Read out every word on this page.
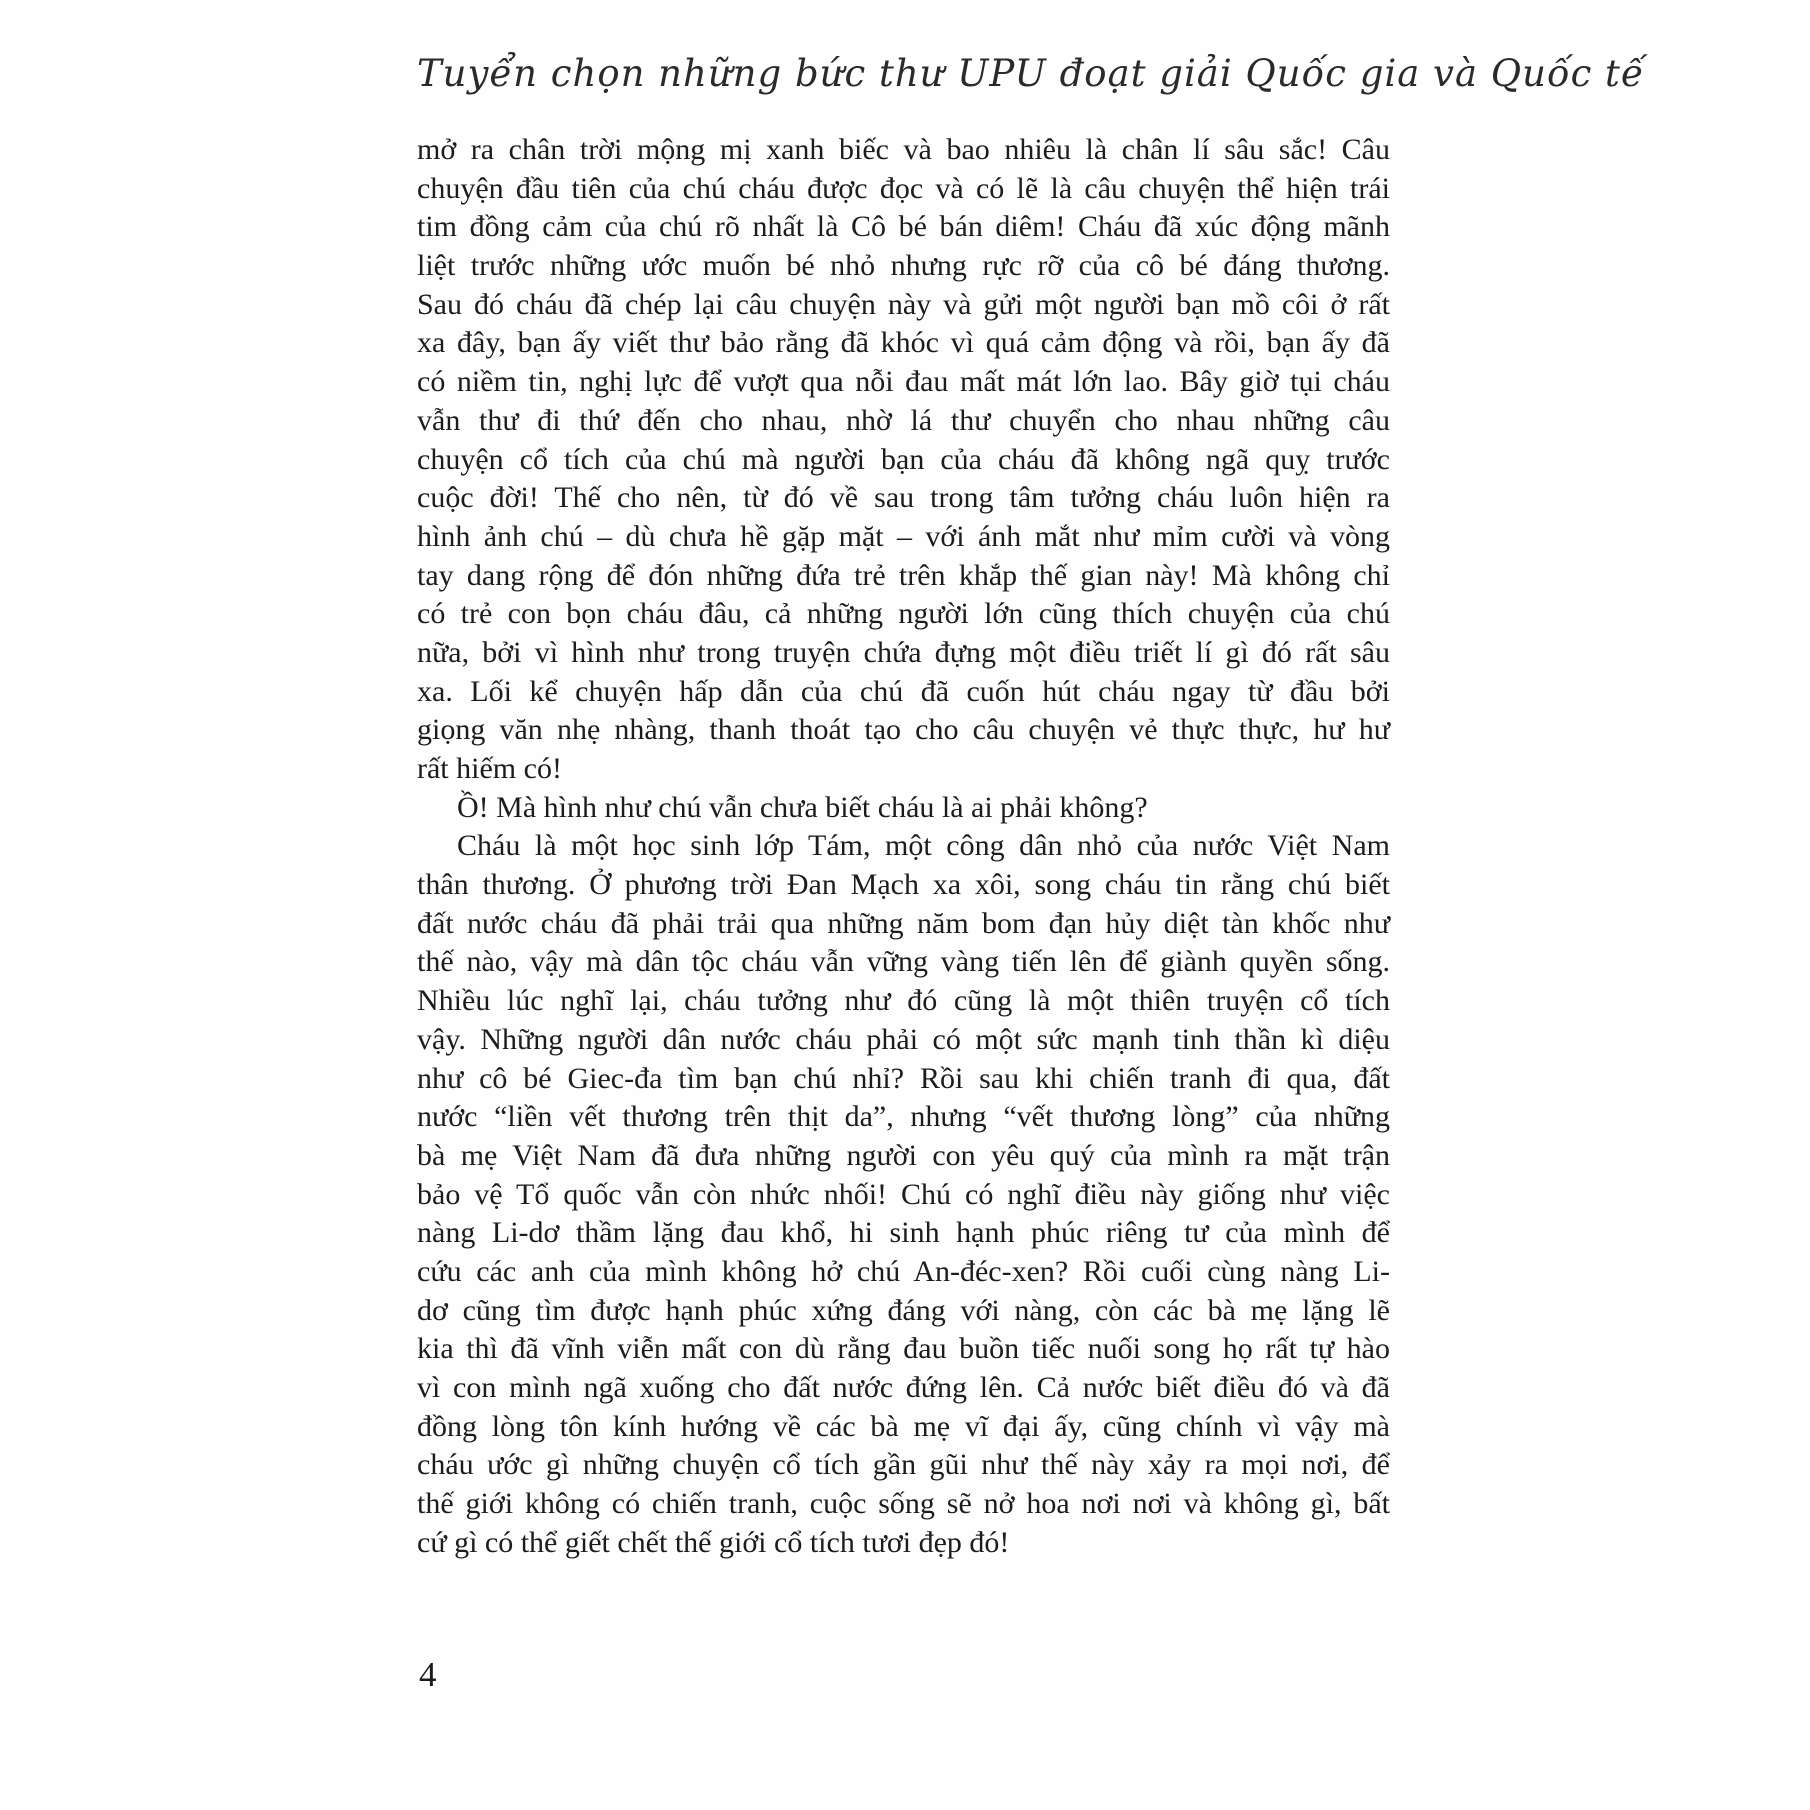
Tuyển chọn những bức thư UPU đoạt giải Quốc gia và Quốc tế
mở ra chân trời mộng mị xanh biếc và bao nhiêu là chân lí sâu sắc! Câu
chuyện đầu tiên của chú cháu được đọc và có lẽ là câu chuyện thể hiện trái
tim đồng cảm của chú rõ nhất là Cô bé bán diêm! Cháu đã xúc động mãnh
liệt trước những ước muốn bé nhỏ nhưng rực rỡ của cô bé đáng thương.
Sau đó cháu đã chép lại câu chuyện này và gửi một người bạn mồ côi ở rất
xa đây, bạn ấy viết thư bảo rằng đã khóc vì quá cảm động và rồi, bạn ấy đã
có niềm tin, nghị lực để vượt qua nỗi đau mất mát lớn lao. Bây giờ tụi cháu
vẫn thư đi thứ đến cho nhau, nhờ lá thư chuyển cho nhau những câu
chuyện cổ tích của chú mà người bạn của cháu đã không ngã quỵ trước
cuộc đời! Thế cho nên, từ đó về sau trong tâm tưởng cháu luôn hiện ra
hình ảnh chú – dù chưa hề gặp mặt – với ánh mắt như mỉm cười và vòng
tay dang rộng để đón những đứa trẻ trên khắp thế gian này! Mà không chỉ
có trẻ con bọn cháu đâu, cả những người lớn cũng thích chuyện của chú
nữa, bởi vì hình như trong truyện chứa đựng một điều triết lí gì đó rất sâu
xa. Lối kể chuyện hấp dẫn của chú đã cuốn hút cháu ngay từ đầu bởi
giọng văn nhẹ nhàng, thanh thoát tạo cho câu chuyện vẻ thực thực, hư hư
rất hiếm có!
Ồ! Mà hình như chú vẫn chưa biết cháu là ai phải không?
Cháu là một học sinh lớp Tám, một công dân nhỏ của nước Việt Nam
thân thương. Ở phương trời Đan Mạch xa xôi, song cháu tin rằng chú biết
đất nước cháu đã phải trải qua những năm bom đạn hủy diệt tàn khốc như
thế nào, vậy mà dân tộc cháu vẫn vững vàng tiến lên để giành quyền sống.
Nhiều lúc nghĩ lại, cháu tưởng như đó cũng là một thiên truyện cổ tích
vậy. Những người dân nước cháu phải có một sức mạnh tinh thần kì diệu
như cô bé Giec-đa tìm bạn chú nhỉ? Rồi sau khi chiến tranh đi qua, đất
nước “liền vết thương trên thịt da”, nhưng “vết thương lòng” của những
bà mẹ Việt Nam đã đưa những người con yêu quý của mình ra mặt trận
bảo vệ Tổ quốc vẫn còn nhức nhối! Chú có nghĩ điều này giống như việc
nàng Li-dơ thầm lặng đau khổ, hi sinh hạnh phúc riêng tư của mình để
cứu các anh của mình không hở chú An-đéc-xen? Rồi cuối cùng nàng Li-
dơ cũng tìm được hạnh phúc xứng đáng với nàng, còn các bà mẹ lặng lẽ
kia thì đã vĩnh viễn mất con dù rằng đau buồn tiếc nuối song họ rất tự hào
vì con mình ngã xuống cho đất nước đứng lên. Cả nước biết điều đó và đã
đồng lòng tôn kính hướng về các bà mẹ vĩ đại ấy, cũng chính vì vậy mà
cháu ước gì những chuyện cổ tích gần gũi như thế này xảy ra mọi nơi, để
thế giới không có chiến tranh, cuộc sống sẽ nở hoa nơi nơi và không gì, bất
cứ gì có thể giết chết thế giới cổ tích tươi đẹp đó!
4
